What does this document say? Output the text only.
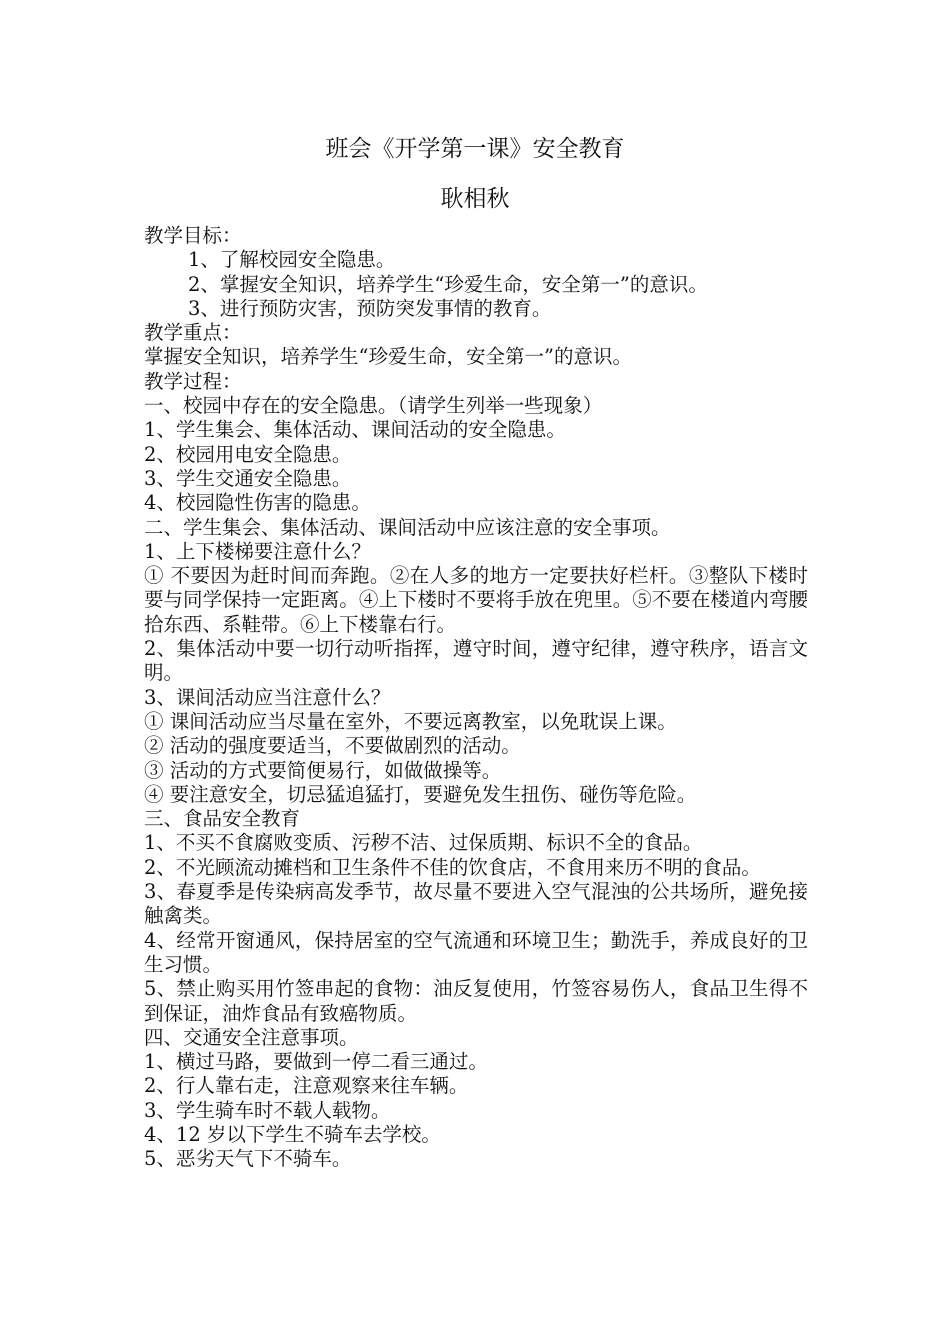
班会《开学第一课》安全教育
耿相秋
教学目标：
1、了解校园安全隐患。
2、掌握安全知识，培养学生“珍爱生命，安全第一”的意识。
3、进行预防灾害，预防突发事情的教育。
教学重点：
掌握安全知识，培养学生“珍爱生命，安全第一”的意识。
教学过程：
一、校园中存在的安全隐患。（请学生列举一些现象）
1、学生集会、集体活动、课间活动的安全隐患。
2、校园用电安全隐患。
3、学生交通安全隐患。
4、校园隐性伤害的隐患。
二、学生集会、集体活动、课间活动中应该注意的安全事项。
1、上下楼梯要注意什么？
① 不要因为赶时间而奔跑。②在人多的地方一定要扶好栏杆。③整队下楼时要与同学保持一定距离。④上下楼时不要将手放在兜里。⑤不要在楼道内弯腰拾东西、系鞋带。⑥上下楼靠右行。
2、集体活动中要一切行动听指挥，遵守时间，遵守纪律，遵守秩序，语言文明。
3、课间活动应当注意什么？
① 课间活动应当尽量在室外，不要远离教室，以免耽误上课。
② 活动的强度要适当，不要做剧烈的活动。
③ 活动的方式要简便易行，如做做操等。
④ 要注意安全，切忌猛追猛打，要避免发生扭伤、碰伤等危险。
三、食品安全教育
1、不买不食腐败变质、污秽不洁、过保质期、标识不全的食品。
2、不光顾流动摊档和卫生条件不佳的饮食店，不食用来历不明的食品。
3、春夏季是传染病高发季节，故尽量不要进入空气混浊的公共场所，避免接触禽类。
4、经常开窗通风，保持居室的空气流通和环境卫生；勤洗手，养成良好的卫生习惯。
5、禁止购买用竹签串起的食物：油反复使用，竹签容易伤人，食品卫生得不到保证，油炸食品有致癌物质。
四、交通安全注意事项。
1、横过马路，要做到一停二看三通过。
2、行人靠右走，注意观察来往车辆。
3、学生骑车时不载人载物。
4、12 岁以下学生不骑车去学校。
5、恶劣天气下不骑车。
